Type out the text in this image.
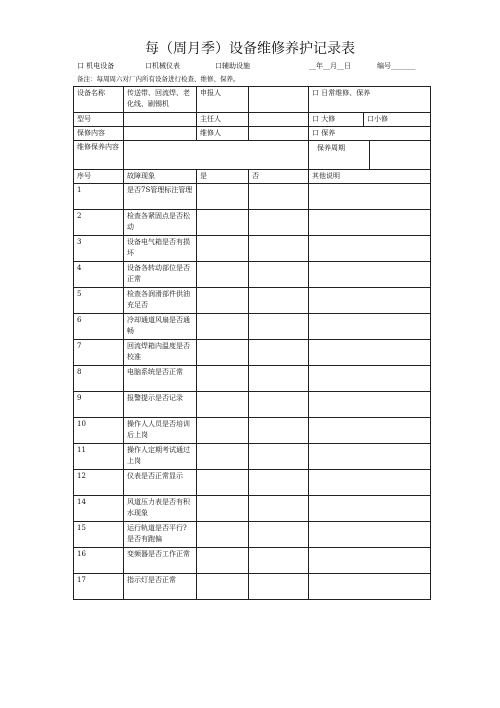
每（周月季）设备维修养护记录表
口 机电设备	口机械仪表	口辅助设施	__年__月__日	编号_______
备注：每周周六对厂内所有设备进行检查、维修、保养。
设备名称	传送带、回流焊、老化线、刷锡机	申报人		口 日常维修、保养	
型号		主任人		口 大修	口小修
保修内容		维修人		口 保养	
维修保养内容				保养周期	

序号	故障现象	是	否	其他说明	
1	是否7S管理标注管理				
2	检查各紧固点是否松动				
3	设备电气箱是否有损坏				
4	设备各转动部位是否正常				
5	检查各润滑部件供油充足否				
6	冷却通道风扇是否通畅				
7	回流焊箱内温度是否校准				
8	电脑系统是否正常				
9	报警提示是否记录				
10	操作人人员是否培训后上岗				
11	操作人定期考试通过上岗				
12	仪表是否正常显示				
14	风道压力表是否有积水现象				
15	运行轨道是否平行?是否有跑偏				
16	变频器是否工作正常				
17	指示灯是否正常				
